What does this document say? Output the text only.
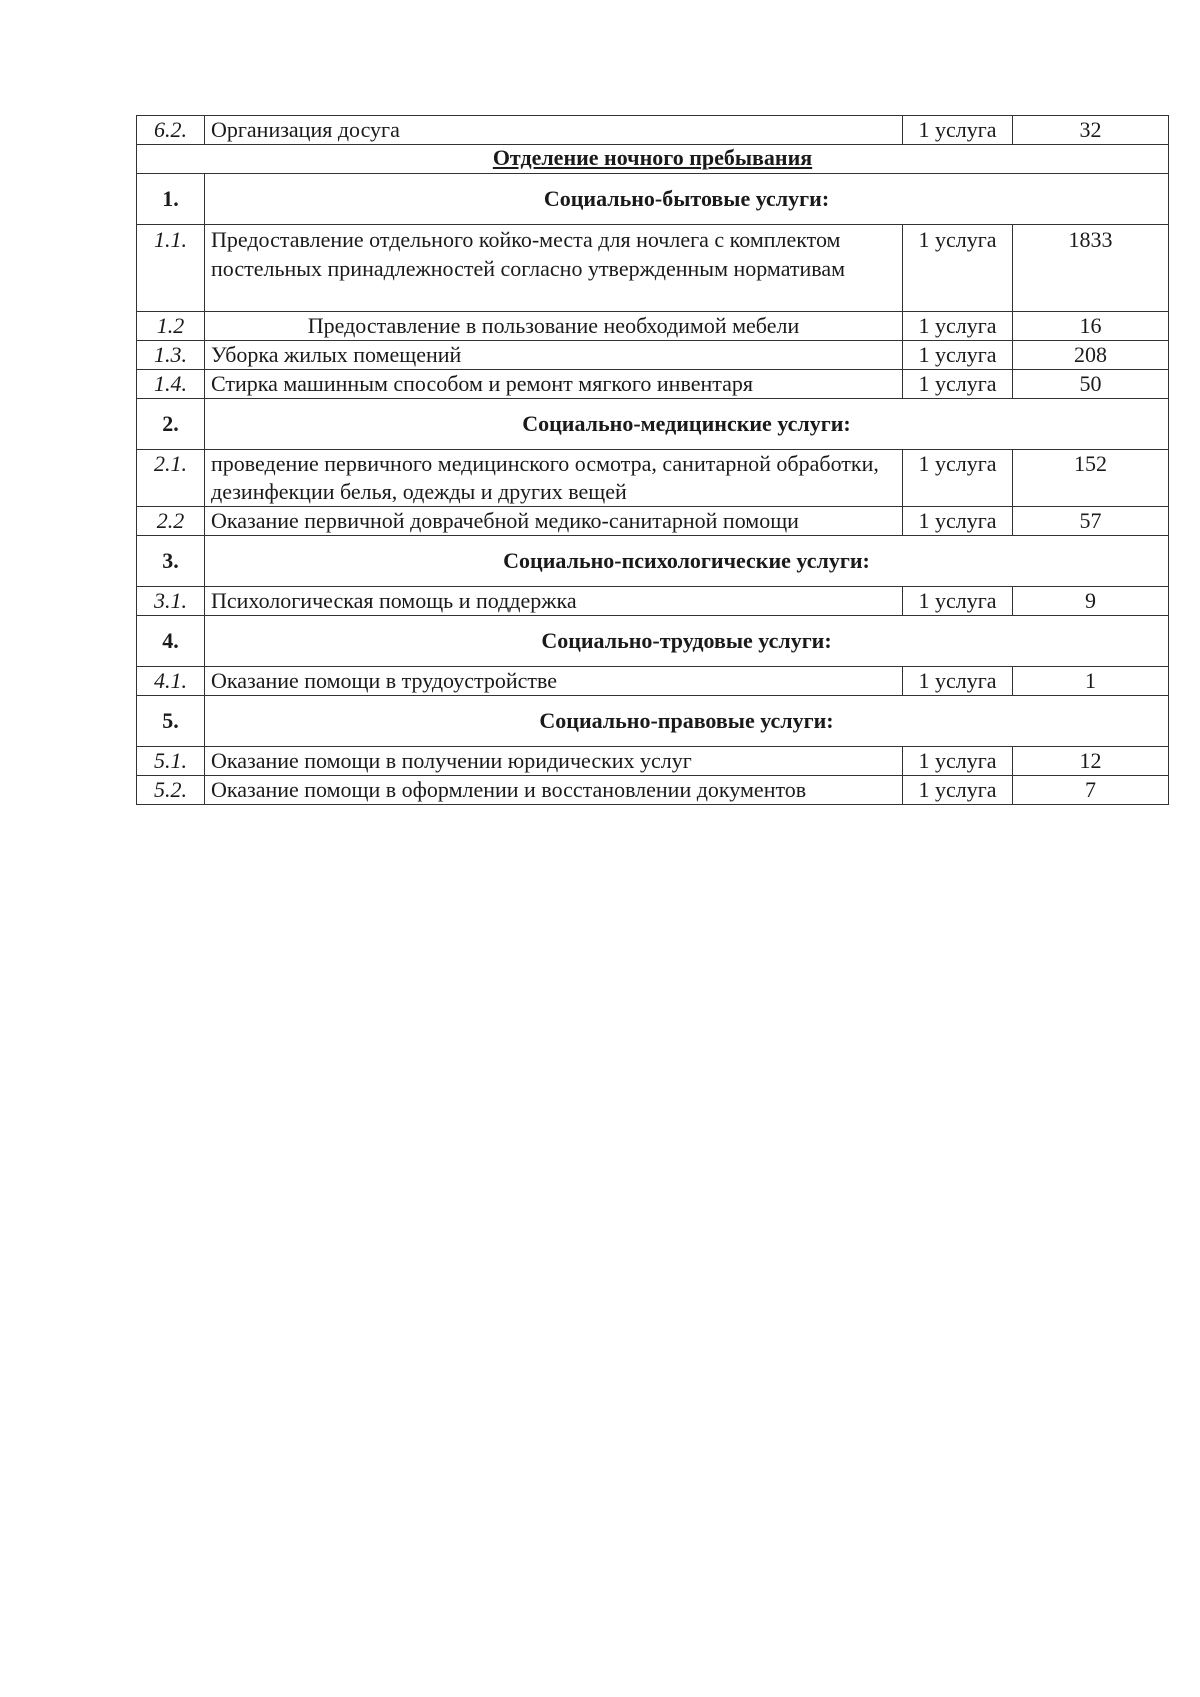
6.2.	Организация досуга	1 услуга	32
Отделение ночного пребывания			
1.	Социально-бытовые услуги:		
1.1.	Предоставление отдельного койко-места для ночлега с комплектом постельных принадлежностей согласно утвержденным нормативам	1 услуга	1833
1.2	Предоставление в пользование необходимой мебели	1 услуга	16
1.3.	Уборка жилых помещений	1 услуга	208
1.4.	Стирка машинным способом и ремонт мягкого инвентаря	1 услуга	50
2.	Социально-медицинские услуги:		
2.1.	проведение первичного медицинского осмотра, санитарной обработки, дезинфекции белья, одежды и других вещей	1 услуга	152
2.2	Оказание первичной доврачебной медико-санитарной помощи	1 услуга	57
3.	Социально-психологические услуги:		
3.1.	Психологическая помощь и поддержка	1 услуга	9
4.	Социально-трудовые услуги:		
4.1.	Оказание помощи в трудоустройстве	1 услуга	1
5.	Социально-правовые услуги:		
5.1.	Оказание помощи в получении юридических услуг	1 услуга	12
5.2.	Оказание помощи в оформлении и восстановлении документов	1 услуга	7
